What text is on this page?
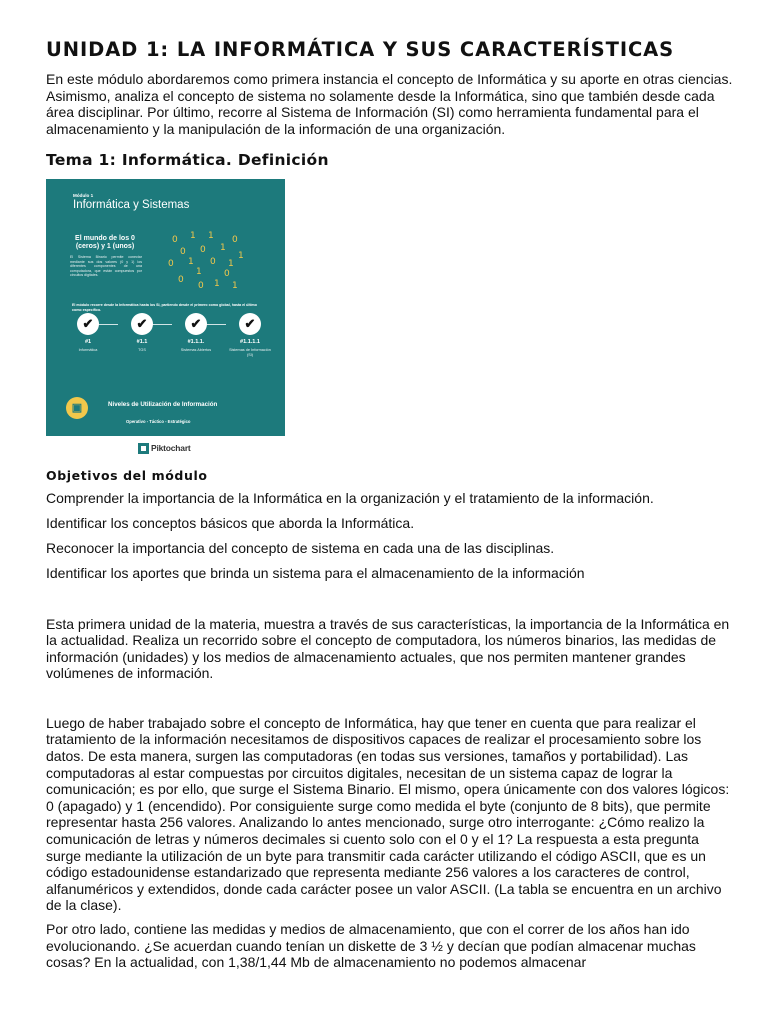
UNIDAD 1: LA INFORMÁTICA Y SUS CARACTERÍSTICAS

En este módulo abordaremos como primera instancia el concepto de Informática y su aporte en otras ciencias. Asimismo, analiza el concepto de sistema no solamente desde la Informática, sino que también desde cada área disciplinar. Por último, recorre al Sistema de Información (SI) como herramienta fundamental para el almacenamiento y la manipulación de la información de una organización.

Tema 1: Informática. Definición
Módulo 1
Informática y Sistemas
El mundo de los 0 (ceros) y 1 (unos)
El Sistema Binario permite conectar mediante sus dos valores (0 y 1) los diferentes componentes de una computadora, que están compuestos por circuitos digitales.
0 1 1 0
0 0 1
1
0 1 0 1
1 0
0
0 1 1
El módulo recorre desde la Informática hasta los SI, partiendo desde el primero como global, hasta el último como específico.
✔
#1
Informática
✔
#1.1
TGS
✔
#1.1.1.
Sistemas Abiertos
✔
#1.1.1.1
Sistemas de Información (SI)
▣	Niveles de Utilización de Información
Operativo - Táctico - Estratégico
Piktochart
Objetivos del módulo

Comprender la importancia de la Informática en la organización y el tratamiento de la información.

Identificar los conceptos básicos que aborda la Informática.

Reconocer la importancia del concepto de sistema en cada una de las disciplinas.

Identificar los aportes que brinda un sistema para el almacenamiento de la información

Esta primera unidad de la materia, muestra a través de sus características, la importancia de la Informática en la actualidad. Realiza un recorrido sobre el concepto de computadora, los números binarios, las medidas de información (unidades) y los medios de almacenamiento actuales, que nos permiten mantener grandes volúmenes de información.

Luego de haber trabajado sobre el concepto de Informática, hay que tener en cuenta que para realizar el tratamiento de la información necesitamos de dispositivos capaces de realizar el procesamiento sobre los datos. De esta manera, surgen las computadoras (en todas sus versiones, tamaños y portabilidad). Las computadoras al estar compuestas por circuitos digitales, necesitan de un sistema capaz de lograr la comunicación; es por ello, que surge el Sistema Binario. El mismo, opera únicamente con dos valores lógicos: 0 (apagado) y 1 (encendido). Por consiguiente surge como medida el byte (conjunto de 8 bits), que permite representar hasta 256 valores. Analizando lo antes mencionado, surge otro interrogante: ¿Cómo realizo la comunicación de letras y números decimales si cuento solo con el 0 y el 1? La respuesta a esta pregunta surge mediante la utilización de un byte para transmitir cada carácter utilizando el código ASCII, que es un código estadounidense estandarizado que representa mediante 256 valores a los caracteres de control, alfanuméricos y extendidos, donde cada carácter posee un valor ASCII. (La tabla se encuentra en un archivo de la clase).

Por otro lado, contiene las medidas y medios de almacenamiento, que con el correr de los años han ido evolucionando. ¿Se acuerdan cuando tenían un diskette de 3 ½ y decían que podían almacenar muchas cosas? En la actualidad, con 1,38/1,44 Mb de almacenamiento no podemos almacenar
